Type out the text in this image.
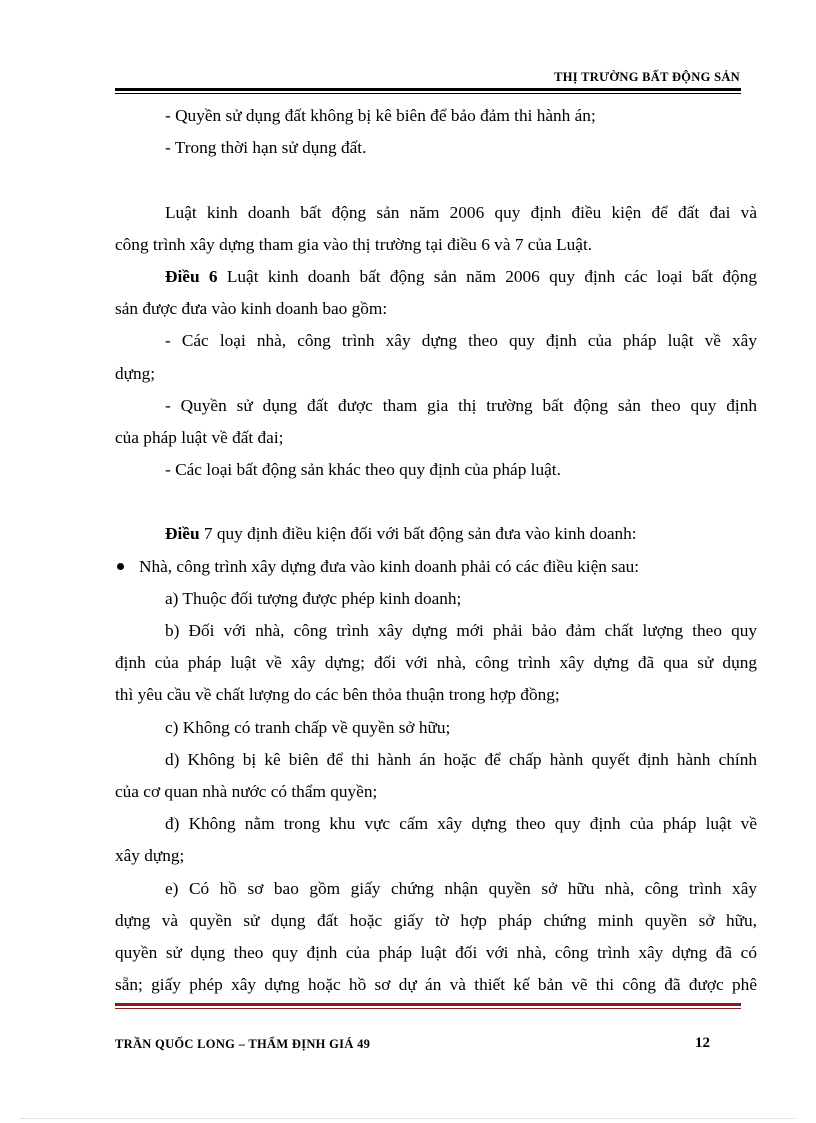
THỊ TRƯỜNG BẤT ĐỘNG SẢN
- Quyền sử dụng đất không bị kê biên để bảo đảm thi hành án;
- Trong thời hạn sử dụng đất.
Luật kinh doanh bất động sản năm 2006 quy định điều kiện để đất đai và
công trình xây dựng tham gia vào thị trường tại điều 6 và 7 của Luật.
Điều 6 Luật kinh doanh bất động sản năm 2006 quy định các loại bất động
sản được đưa vào kinh doanh bao gồm:
- Các loại nhà, công trình xây dựng theo quy định của pháp luật về xây
dựng;
- Quyền sử dụng đất được tham gia thị trường bất động sản theo quy định
của pháp luật về đất đai;
- Các loại bất động sản khác theo quy định của pháp luật.
Điều 7 quy định điều kiện đối với bất động sản đưa vào kinh doanh:
Nhà, công trình xây dựng đưa vào kinh doanh phải có các điều kiện sau:
a) Thuộc đối tượng được phép kinh doanh;
b) Đối với nhà, công trình xây dựng mới phải bảo đảm chất lượng theo quy
định của pháp luật về xây dựng; đối với nhà, công trình xây dựng đã qua sử dụng
thì yêu cầu về chất lượng do các bên thỏa thuận trong hợp đồng;
c) Không có tranh chấp về quyền sở hữu;
d) Không bị kê biên để thi hành án hoặc để chấp hành quyết định hành chính
của cơ quan nhà nước có thẩm quyền;
đ) Không nằm trong khu vực cấm xây dựng theo quy định của pháp luật về
xây dựng;
e) Có hồ sơ bao gồm giấy chứng nhận quyền sở hữu nhà, công trình xây
dựng và quyền sử dụng đất hoặc giấy tờ hợp pháp chứng minh quyền sở hữu,
quyền sử dụng theo quy định của pháp luật đối với nhà, công trình xây dựng đã có
sẵn; giấy phép xây dựng hoặc hồ sơ dự án và thiết kế bản vẽ thi công đã được phê
TRẦN QUỐC LONG – THẨM ĐỊNH GIÁ 49	12
